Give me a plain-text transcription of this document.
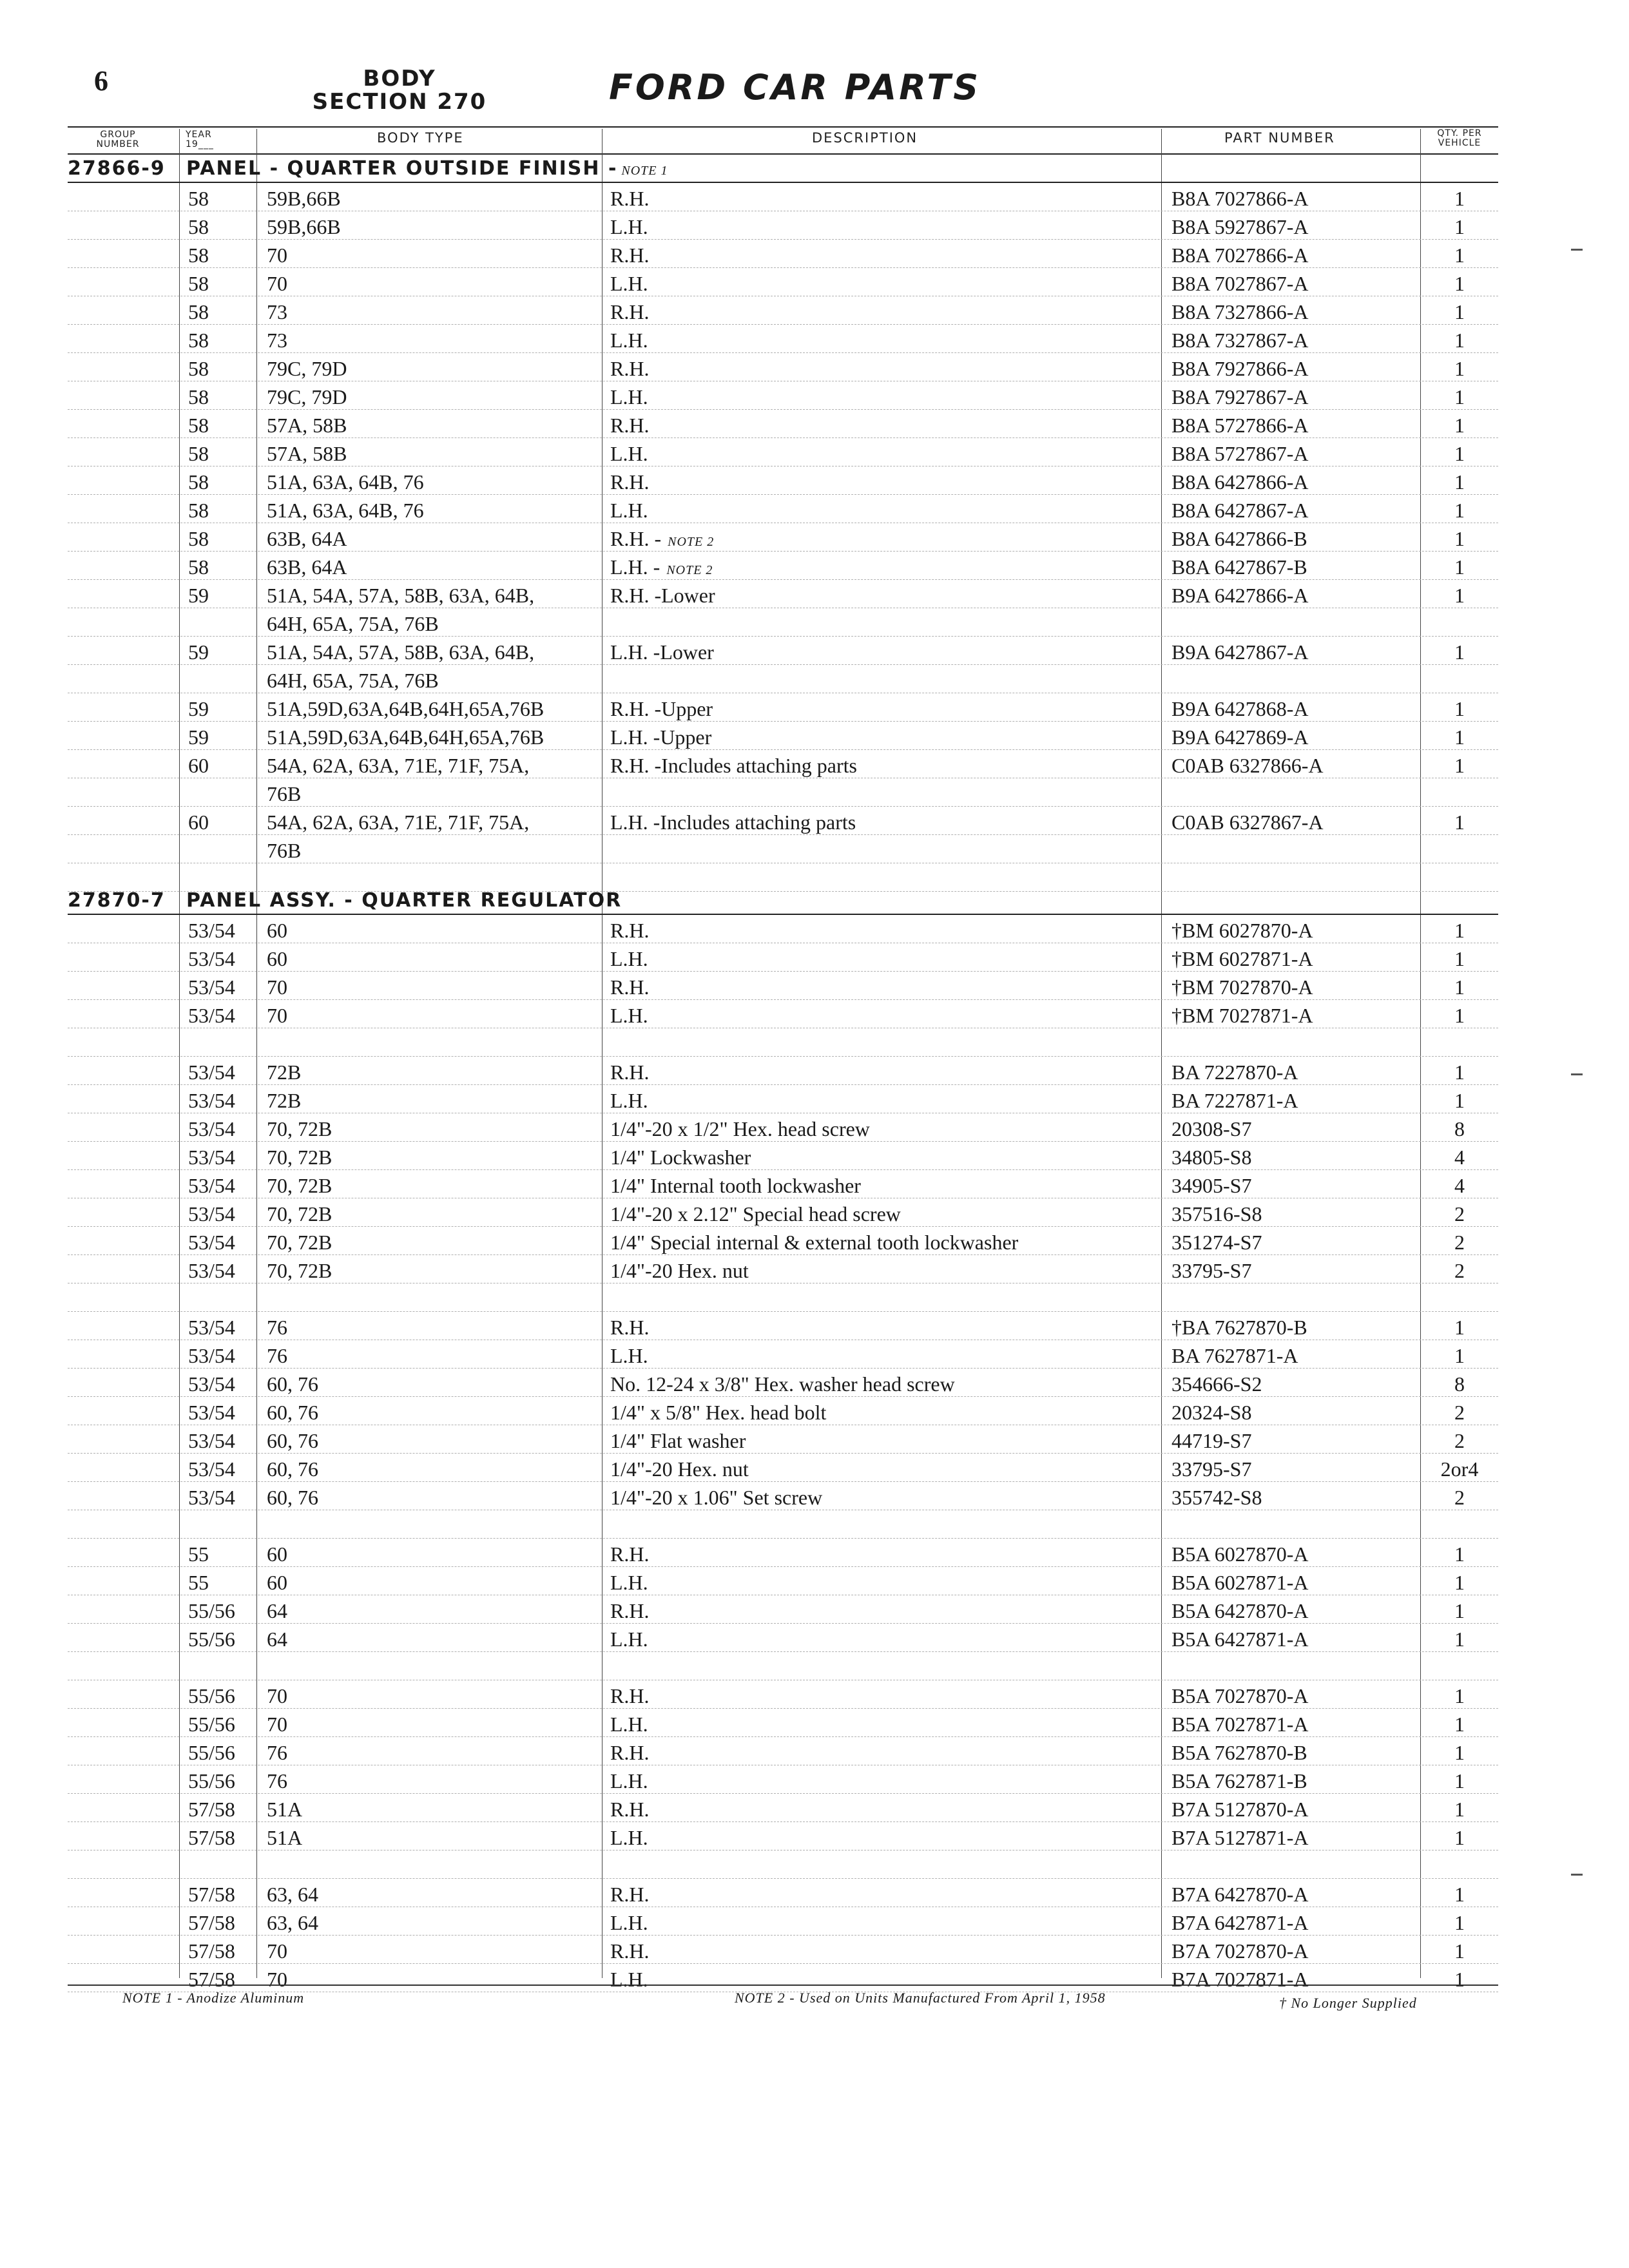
6	BODY
SECTION 270	FORD CAR PARTS
GROUP
NUMBER
YEAR
19___	BODY TYPE	DESCRIPTION	PART NUMBER	QTY. PER
VEHICLE
27866-9 PANEL - QUARTER OUTSIDE FINISH - NOTE 1
58	59B,66B	R.H.	B8A 7027866-A	1
58	59B,66B	L.H.	B8A 5927867-A	1
58	70	R.H.	B8A 7027866-A	1
58	70	L.H.	B8A 7027867-A	1
58	73	R.H.	B8A 7327866-A	1
58	73	L.H.	B8A 7327867-A	1
58	79C, 79D	R.H.	B8A 7927866-A	1
58	79C, 79D	L.H.	B8A 7927867-A	1
58	57A, 58B	R.H.	B8A 5727866-A	1
58	57A, 58B	L.H.	B8A 5727867-A	1
58	51A, 63A, 64B, 76	R.H.	B8A 6427866-A	1
58	51A, 63A, 64B, 76	L.H.	B8A 6427867-A	1
58	63B, 64A	R.H. - NOTE 2	B8A 6427866-B	1
58	63B, 64A	L.H. - NOTE 2	B8A 6427867-B	1
59	51A, 54A, 57A, 58B, 63A, 64B,	R.H. -Lower	B9A 6427866-A	1
64H, 65A, 75A, 76B
59	51A, 54A, 57A, 58B, 63A, 64B,	L.H. -Lower	B9A 6427867-A	1
64H, 65A, 75A, 76B
59	51A,59D,63A,64B,64H,65A,76B	R.H. -Upper	B9A 6427868-A	1
59	51A,59D,63A,64B,64H,65A,76B	L.H. -Upper	B9A 6427869-A	1
60	54A, 62A, 63A, 71E, 71F, 75A,	R.H. -Includes attaching parts	C0AB 6327866-A	1
76B
60	54A, 62A, 63A, 71E, 71F, 75A,	L.H. -Includes attaching parts	C0AB 6327867-A	1
76B
27870-7 PANEL ASSY. - QUARTER REGULATOR
53/54 60	R.H.	†BM 6027870-A	1
53/54 60	L.H.	†BM 6027871-A	1
53/54 70	R.H.	†BM 7027870-A	1
53/54 70	L.H.	†BM 7027871-A	1
53/54 72B	R.H.	BA 7227870-A	1
53/54 72B	L.H.	BA 7227871-A	1
53/54 70, 72B	1/4"-20 x 1/2" Hex. head screw	20308-S7	8
53/54 70, 72B	1/4" Lockwasher	34805-S8	4
53/54 70, 72B	1/4" Internal tooth lockwasher	34905-S7	4
53/54 70, 72B	1/4"-20 x 2.12" Special head screw	357516-S8	2
53/54 70, 72B	1/4" Special internal & external tooth lockwasher	351274-S7	2
53/54 70, 72B	1/4"-20 Hex. nut	33795-S7	2
53/54 76	R.H.	†BA 7627870-B	1
53/54 76	L.H.	BA 7627871-A	1
53/54 60, 76	No. 12-24 x 3/8" Hex. washer head screw	354666-S2	8
53/54 60, 76	1/4" x 5/8" Hex. head bolt	20324-S8	2
53/54 60, 76	1/4" Flat washer	44719-S7	2
53/54 60, 76	1/4"-20 Hex. nut	33795-S7	2or4
53/54 60, 76	1/4"-20 x 1.06" Set screw	355742-S8	2
55	60	R.H.	B5A 6027870-A	1
55	60	L.H.	B5A 6027871-A	1
55/56 64	R.H.	B5A 6427870-A	1
55/56 64	L.H.	B5A 6427871-A	1
55/56 70	R.H.	B5A 7027870-A	1
55/56 70	L.H.	B5A 7027871-A	1
55/56 76	R.H.	B5A 7627870-B	1
55/56 76	L.H.	B5A 7627871-B	1
57/58 51A	R.H.	B7A 5127870-A	1
57/58 51A	L.H.	B7A 5127871-A	1
57/58 63, 64	R.H.	B7A 6427870-A	1
57/58 63, 64	L.H.	B7A 6427871-A	1
57/58 70	R.H.	B7A 7027870-A	1
57/58 70	L.H.	B7A 7027871-A	1
NOTE 1 - Anodize Aluminum	NOTE 2 - Used on Units Manufactured From April 1, 1958	† No Longer Supplied
